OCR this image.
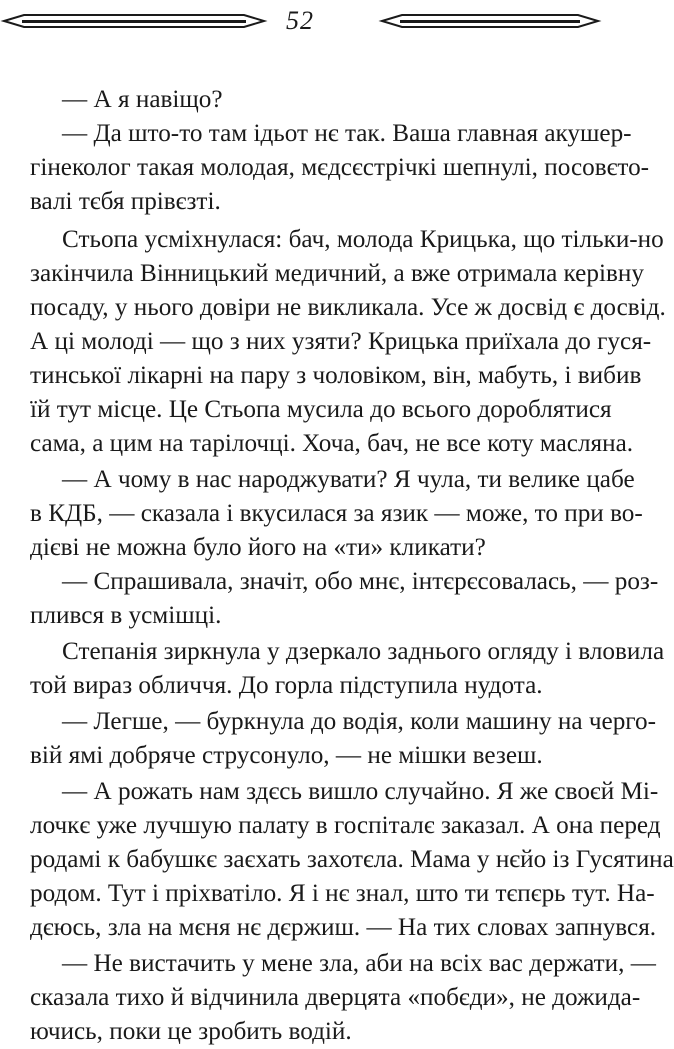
52
— А я навіщо?
— Да што-то там ідьот нє так. Ваша главная акушер-
гінеколог такая молодая, мєдсєстрічкі шепнулі, посовєто-
валі тєбя прівєзті.
Стьопа усміхнулася: бач, молода Крицька, що тільки-но
закінчила Вінницький медичний, а вже отримала керівну
посаду, у нього довіри не викликала. Усе ж досвід є досвід.
А ці молоді — що з них узяти? Крицька приїхала до гуся-
тинської лікарні на пару з чоловіком, він, мабуть, і вибив
їй тут місце. Це Стьопа мусила до всього дороблятися
сама, а цим на тарілочці. Хоча, бач, не все коту масляна.
— А чому в нас народжувати? Я чула, ти велике цабе
в КДБ, — сказала і вкусилася за язик — може, то при во-
дієві не можна було його на «ти» кликати?
— Спрашивала, значіт, обо мнє, інтєрєсовалась, — роз-
плився в усмішці.
Степанія зиркнула у дзеркало заднього огляду і вловила
той вираз обличчя. До горла підступила нудота.
— Легше, — буркнула до водія, коли машину на черго-
вій ямі добряче струсонуло, — не мішки везеш.
— А рожать нам здєсь вишло случайно. Я же своєй Мі-
лочкє уже лучшую палату в госпіталє заказал. А она перед
родамі к бабушкє заєхать захотєла. Мама у нєйо із Гусятина
родом. Тут і пріхватіло. Я і нє знал, што ти тєпєрь тут. На-
дєюсь, зла на мєня нє дєржиш. — На тих словах запнувся.
— Не вистачить у мене зла, аби на всіх вас держати, —
сказала тихо й відчинила дверцята «побєди», не дожида-
ючись, поки це зробить водій.
